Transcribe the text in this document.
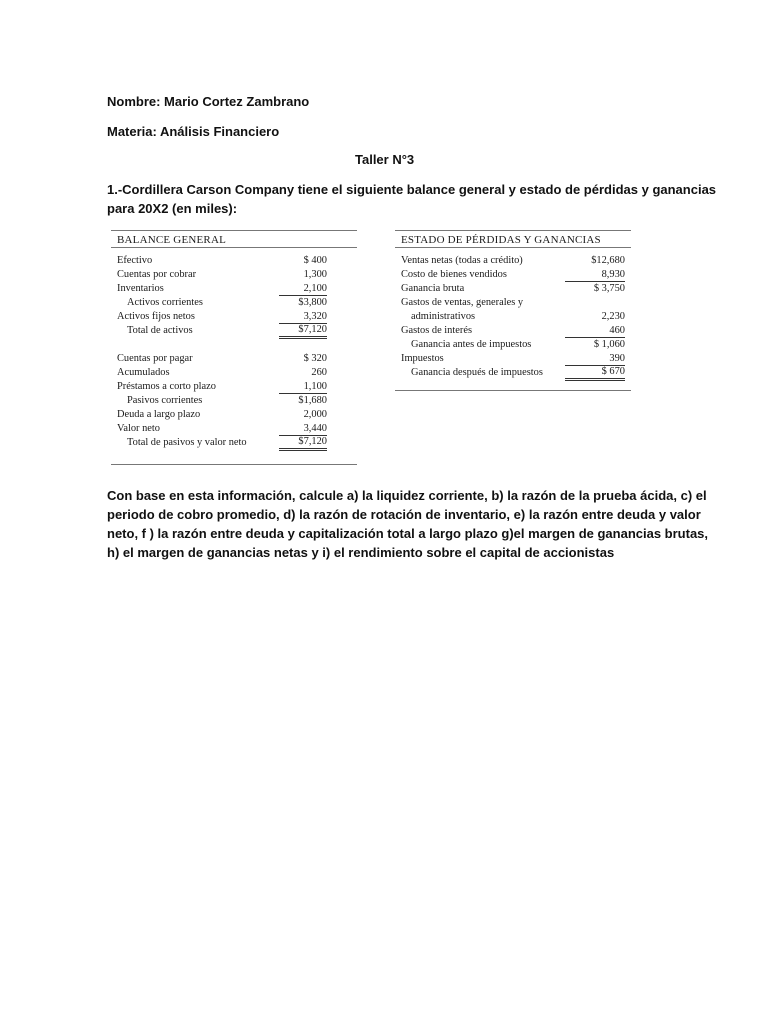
Nombre: Mario Cortez Zambrano
Materia: Análisis Financiero
Taller N°3
1.-Cordillera Carson Company tiene el siguiente balance general y estado de pérdidas y ganancias
para 20X2 (en miles):
BALANCE GENERAL
Efectivo	$ 400
Cuentas por cobrar	1,300
Inventarios	2,100
Activos corrientes	$3,800
Activos fijos netos	3,320
Total de activos	$7,120
Cuentas por pagar	$ 320
Acumulados	260
Préstamos a corto plazo	1,100
Pasivos corrientes	$1,680
Deuda a largo plazo	2,000
Valor neto	3,440
Total de pasivos y valor neto	$7,120
ESTADO DE PÉRDIDAS Y GANANCIAS
Ventas netas (todas a crédito)	$12,680
Costo de bienes vendidos	8,930
Ganancia bruta	$ 3,750
Gastos de ventas, generales y
administrativos	2,230
Gastos de interés	460
Ganancia antes de impuestos	$ 1,060
Impuestos	390
Ganancia después de impuestos	$ 670
Con base en esta información, calcule a) la liquidez corriente, b) la razón de la prueba ácida, c) el
periodo de cobro promedio, d) la razón de rotación de inventario, e) la razón entre deuda y valor
neto, f ) la razón entre deuda y capitalización total a largo plazo g)el margen de ganancias brutas,
h) el margen de ganancias netas y i) el rendimiento sobre el capital de accionistas
